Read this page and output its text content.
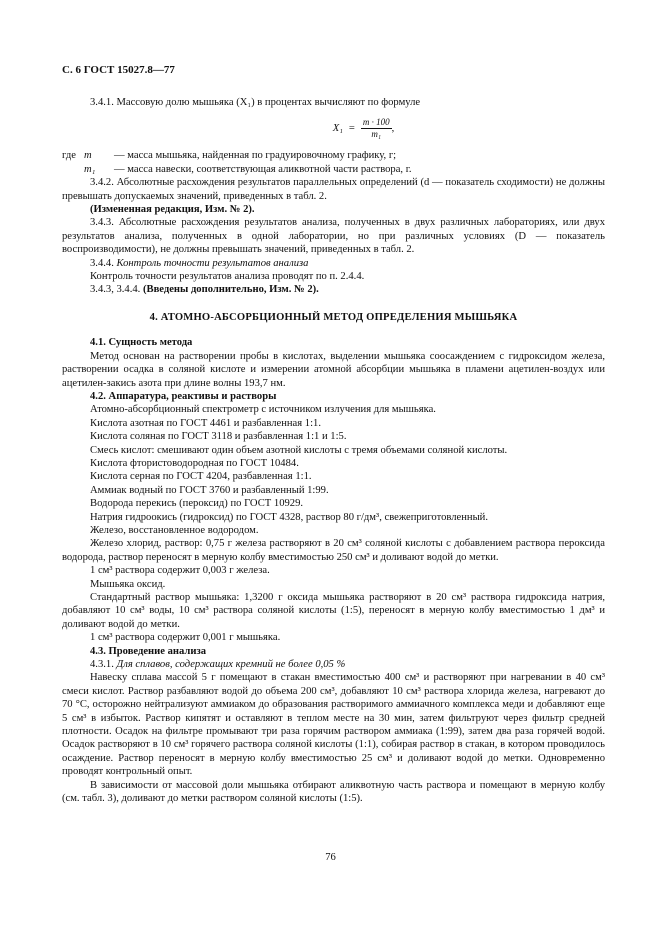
С. 6 ГОСТ 15027.8—77

3.4.1. Массовую долю мышьяка (X₁) в процентах вычисляют по формуле

$X_1 = \frac{m \cdot 100}{\text{m₁}}$ ,
где m	— масса мышьяка, найденная по градуировочному графику, г;
m₁	— масса навески, соответствующая аликвотной части раствора, г.

3.4.2. Абсолютные расхождения результатов параллельных определений (d — показатель сходимости) не должны превышать допускаемых значений, приведенных в табл. 2.

(Измененная редакция, Изм. № 2).

3.4.3. Абсолютные расхождения результатов анализа, полученных в двух различных лабораториях, или двух результатов анализа, полученных в одной лаборатории, но при различных условиях (D — показатель воспроизводимости), не должны превышать значений, приведенных в табл. 2.

3.4.4. Контроль точности результатов анализа

Контроль точности результатов анализа проводят по п. 2.4.4.

3.4.3, 3.4.4. (Введены дополнительно, Изм. № 2).

4. АТОМНО-АБСОРБЦИОННЫЙ МЕТОД ОПРЕДЕЛЕНИЯ МЫШЬЯКА

4.1. Сущность метода

Метод основан на растворении пробы в кислотах, выделении мышьяка соосаждением с гидроксидом железа, растворении осадка в соляной кислоте и измерении атомной абсорбции мышьяка в пламени ацетилен-воздух или ацетилен-закись азота при длине волны 193,7 нм.

4.2. Аппаратура, реактивы и растворы

Атомно-абсорбционный спектрометр с источником излучения для мышьяка.

Кислота азотная по ГОСТ 4461 и разбавленная 1:1.

Кислота соляная по ГОСТ 3118 и разбавленная 1:1 и 1:5.

Смесь кислот: смешивают один объем азотной кислоты с тремя объемами соляной кислоты.

Кислота фтористоводородная по ГОСТ 10484.

Кислота серная по ГОСТ 4204, разбавленная 1:1.

Аммиак водный по ГОСТ 3760 и разбавленный 1:99.

Водорода перекись (пероксид) по ГОСТ 10929.

Натрия гидроокись (гидроксид) по ГОСТ 4328, раствор 80 г/дм³, свежеприготовленный.

Железо, восстановленное водородом.

Железо хлорид, раствор: 0,75 г железа растворяют в 20 см³ соляной кислоты с добавлением раствора пероксида водорода, раствор переносят в мерную колбу вместимостью 250 см³ и доливают водой до метки.

1 см³ раствора содержит 0,003 г железа.

Мышьяка оксид.

Стандартный раствор мышьяка: 1,3200 г оксида мышьяка растворяют в 20 см³ раствора гидроксида натрия, добавляют 10 см³ воды, 10 см³ раствора соляной кислоты (1:5), переносят в мерную колбу вместимостью 1 дм³ и доливают водой до метки.

1 см³ раствора содержит 0,001 г мышьяка.

4.3. Проведение анализа

4.3.1. Для сплавов, содержащих кремний не более 0,05 %

Навеску сплава массой 5 г помещают в стакан вместимостью 400 см³ и растворяют при нагревании в 40 см³ смеси кислот. Раствор разбавляют водой до объема 200 см³, добавляют 10 см³ раствора хлорида железа, нагревают до 70 °С, осторожно нейтрализуют аммиаком до образования растворимого аммиачного комплекса меди и добавляют еще 5 см³ в избыток. Раствор кипятят и оставляют в теплом месте на 30 мин, затем фильтруют через фильтр средней плотности. Осадок на фильтре промывают три раза горячим раствором аммиака (1:99), затем два раза горячей водой. Осадок растворяют в 10 см³ горячего раствора соляной кислоты (1:1), собирая раствор в стакан, в котором проводилось осаждение. Раствор переносят в мерную колбу вместимостью 25 см³ и доливают водой до метки. Одновременно проводят контрольный опыт.

В зависимости от массовой доли мышьяка отбирают аликвотную часть раствора и помещают в мерную колбу (см. табл. 3), доливают до метки раствором соляной кислоты (1:5).

76
